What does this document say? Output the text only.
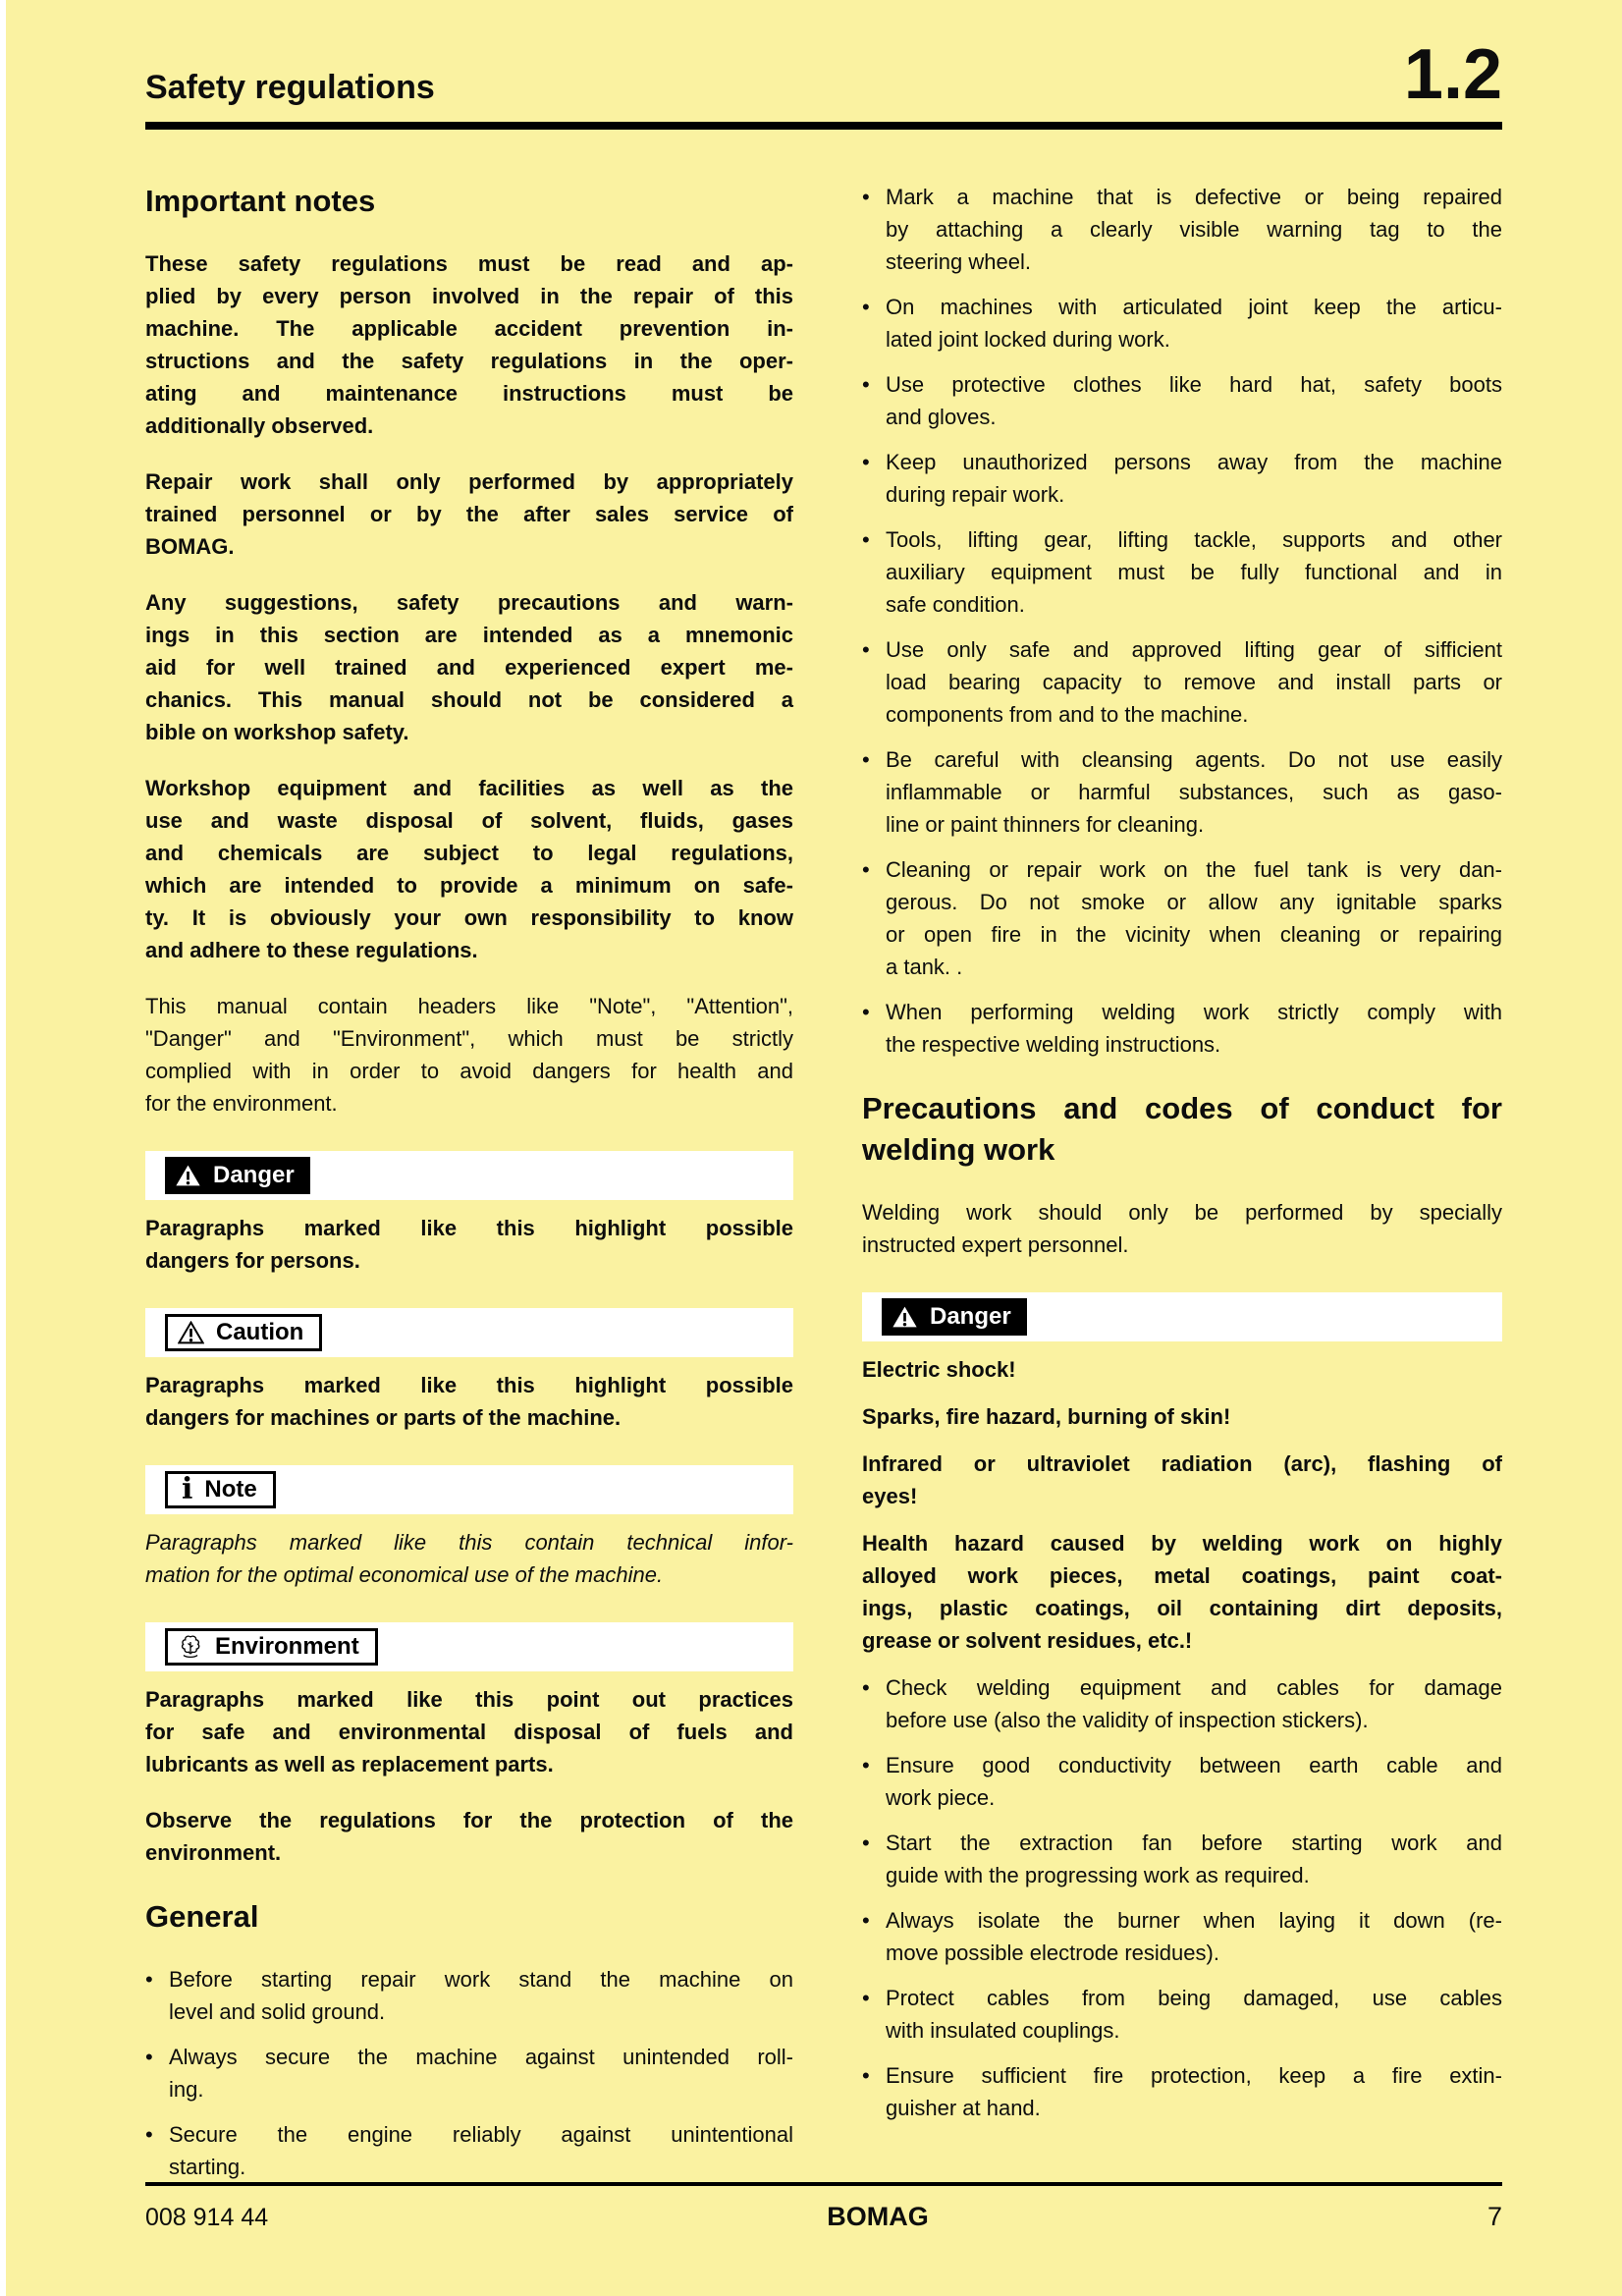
Safety regulations	1.2
Important notes
These safety regulations must be read and ap-
plied by every person involved in the repair of this
machine. The applicable accident prevention in-
structions and the safety regulations in the oper-
ating and maintenance instructions must be
additionally observed.
Repair work shall only performed by appropriately
trained personnel or by the after sales service of
BOMAG.
Any suggestions, safety precautions and warn-
ings in this section are intended as a mnemonic
aid for well trained and experienced expert me-
chanics. This manual should not be considered a
bible on workshop safety.
Workshop equipment and facilities as well as the
use and waste disposal of solvent, fluids, gases
and chemicals are subject to legal regulations,
which are intended to provide a minimum on safe-
ty. It is obviously your own responsibility to know
and adhere to these regulations.
This manual contain headers like "Note", "Attention",
"Danger" and "Environment", which must be strictly
complied with in order to avoid dangers for health and
for the environment.
Danger
Paragraphs marked like this highlight possible
dangers for persons.
Caution
Paragraphs marked like this highlight possible
dangers for machines or parts of the machine.
i Note
Paragraphs marked like this contain technical infor-
mation for the optimal economical use of the machine.
Environment
Paragraphs marked like this point out practices
for safe and environmental disposal of fuels and
lubricants as well as replacement parts.
Observe the regulations for the protection of the
environment.
General
• Before starting repair work stand the machine on
level and solid ground.
• Always secure the machine against unintended roll-
ing.
• Secure the engine reliably against unintentional
starting.
• Mark a machine that is defective or being repaired
by attaching a clearly visible warning tag to the
steering wheel.
• On machines with articulated joint keep the articu-
lated joint locked during work.
• Use protective clothes like hard hat, safety boots
and gloves.
• Keep unauthorized persons away from the machine
during repair work.
• Tools, lifting gear, lifting tackle, supports and other
auxiliary equipment must be fully functional and in
safe condition.
• Use only safe and approved lifting gear of sifficient
load bearing capacity to remove and install parts or
components from and to the machine.
• Be careful with cleansing agents. Do not use easily
inflammable or harmful substances, such as gaso-
line or paint thinners for cleaning.
• Cleaning or repair work on the fuel tank is very dan-
gerous. Do not smoke or allow any ignitable sparks
or open fire in the vicinity when cleaning or repairing
a tank. .
• When performing welding work strictly comply with
the respective welding instructions.
Precautions and codes of conduct for
welding work
Welding work should only be performed by specially
instructed expert personnel.
Danger
Electric shock!
Sparks, fire hazard, burning of skin!
Infrared or ultraviolet radiation (arc), flashing of
eyes!
Health hazard caused by welding work on highly
alloyed work pieces, metal coatings, paint coat-
ings, plastic coatings, oil containing dirt deposits,
grease or solvent residues, etc.!
• Check welding equipment and cables for damage
before use (also the validity of inspection stickers).
• Ensure good conductivity between earth cable and
work piece.
• Start the extraction fan before starting work and
guide with the progressing work as required.
• Always isolate the burner when laying it down (re-
move possible electrode residues).
• Protect cables from being damaged, use cables
with insulated couplings.
• Ensure sufficient fire protection, keep a fire extin-
guisher at hand.
008 914 44	BOMAG	7
